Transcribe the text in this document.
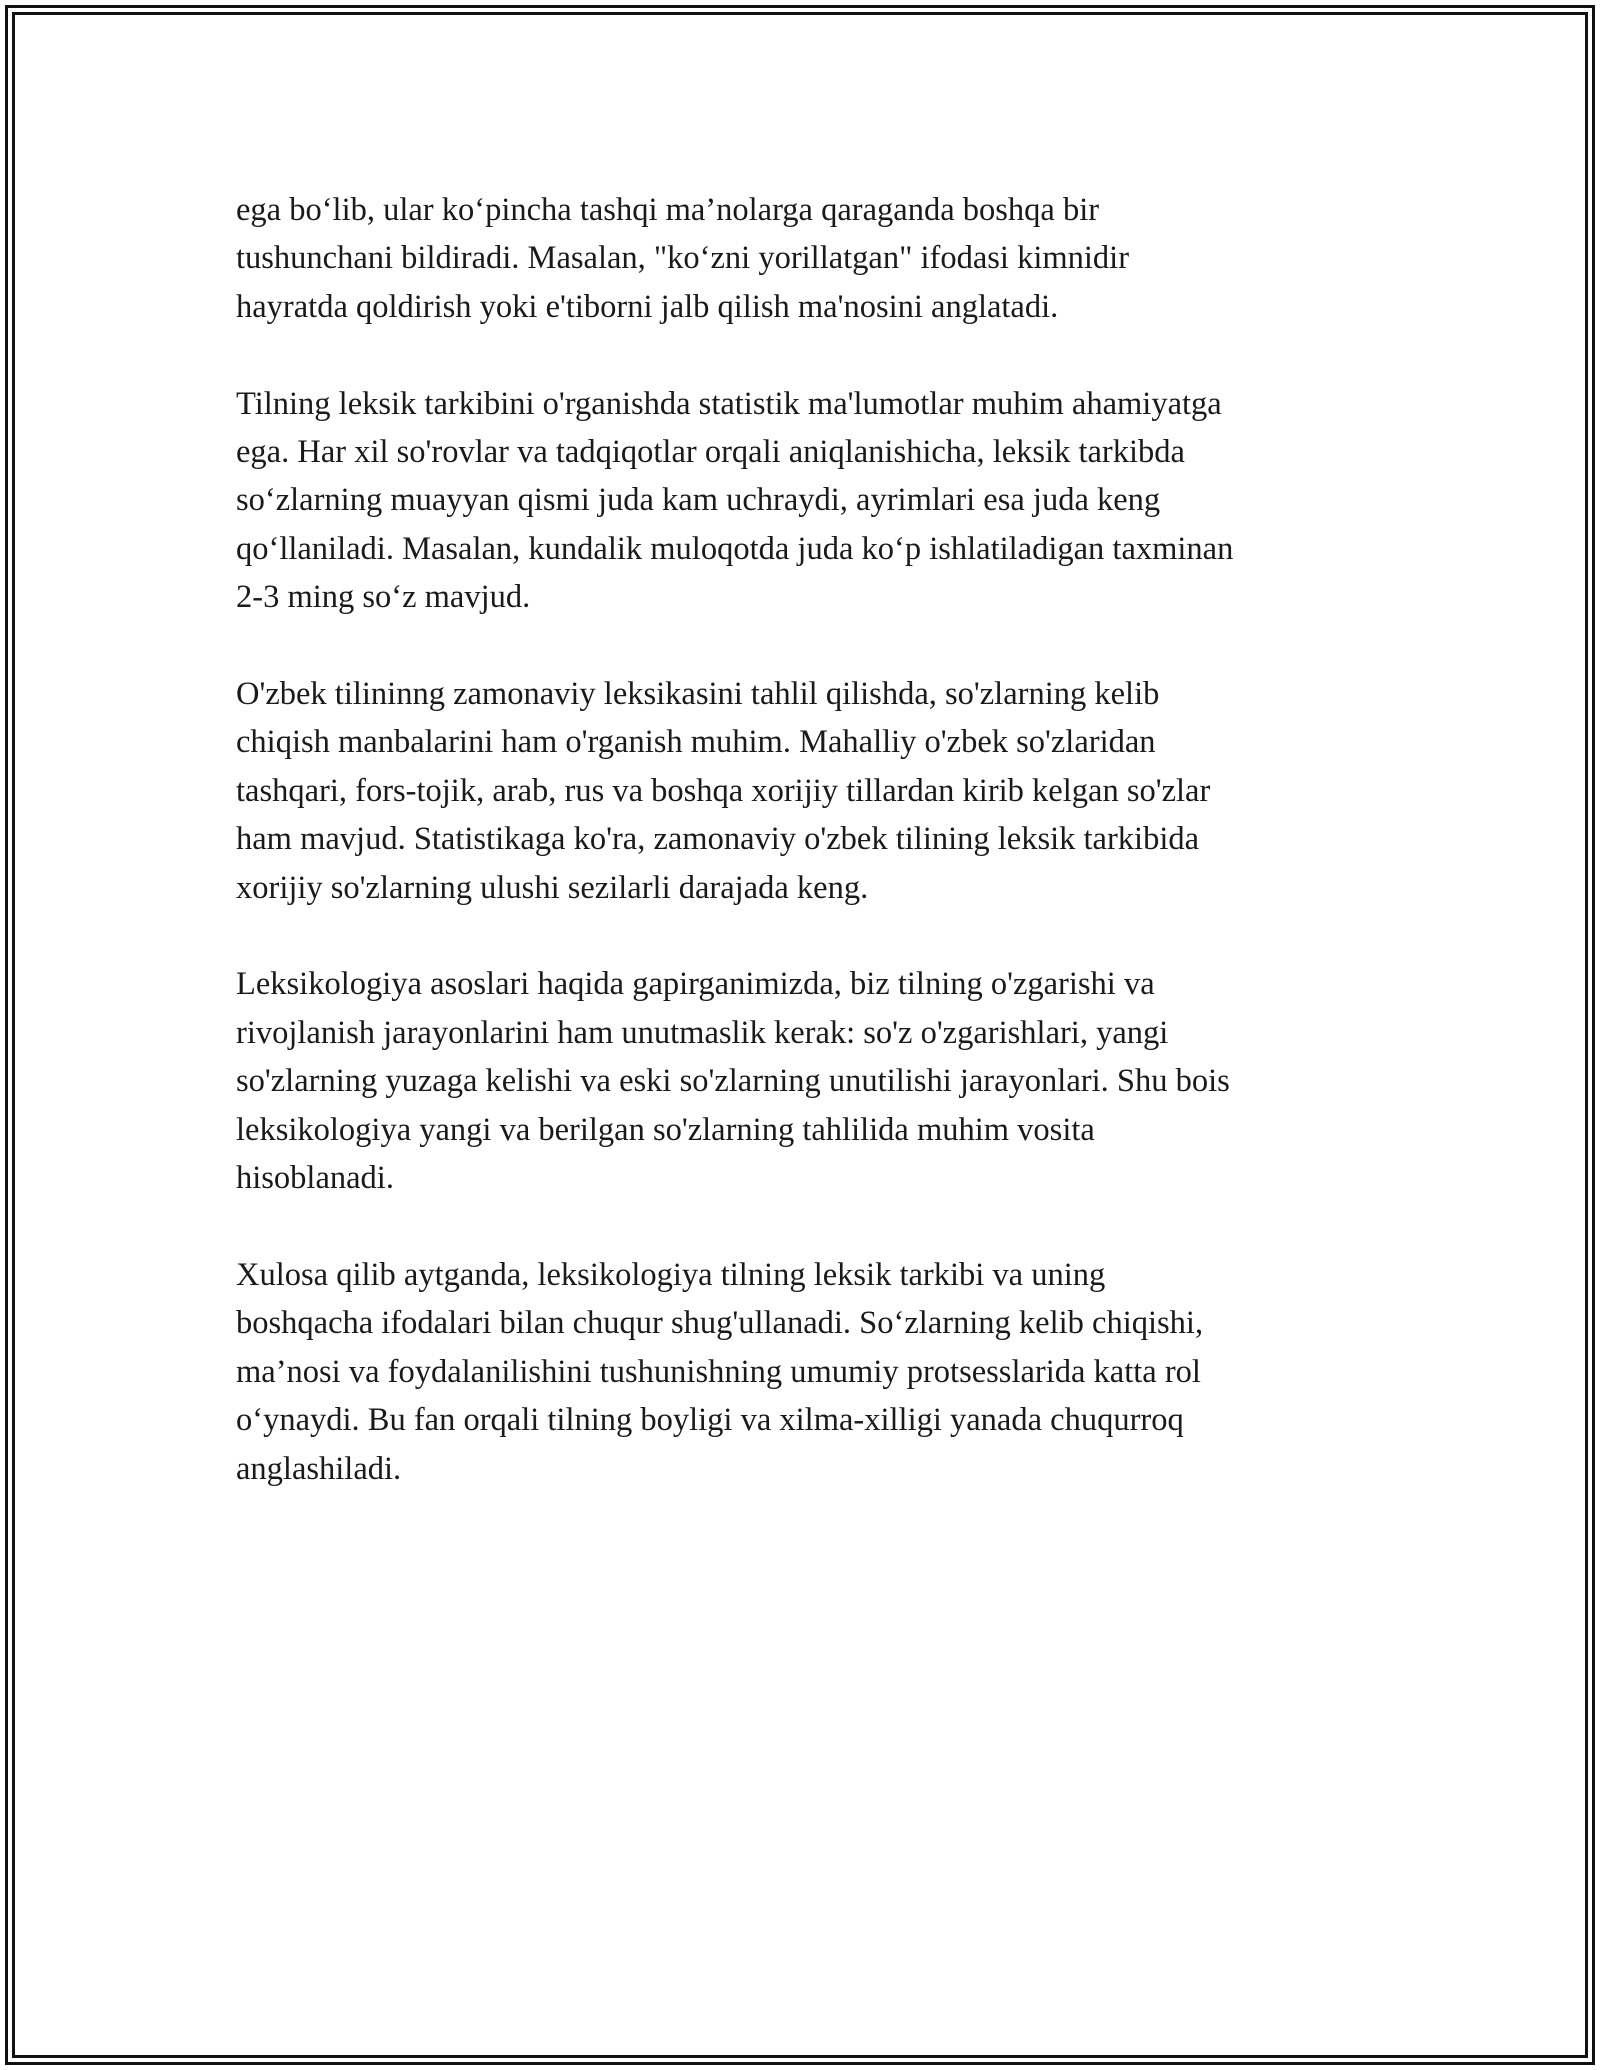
ega bo‘lib, ular ko‘pincha tashqi ma’nolarga qaraganda boshqa bir
tushunchani bildiradi. Masalan, "ko‘zni yorillatgan" ifodasi kimnidir
hayratda qoldirish yoki e'tiborni jalb qilish ma'nosini anglatadi.

Tilning leksik tarkibini o'rganishda statistik ma'lumotlar muhim ahamiyatga
ega. Har xil so'rovlar va tadqiqotlar orqali aniqlanishicha, leksik tarkibda
so‘zlarning muayyan qismi juda kam uchraydi, ayrimlari esa juda keng
qo‘llaniladi. Masalan, kundalik muloqotda juda ko‘p ishlatiladigan taxminan
2-3 ming so‘z mavjud.

O'zbek tilininng zamonaviy leksikasini tahlil qilishda, so'zlarning kelib
chiqish manbalarini ham o'rganish muhim. Mahalliy o'zbek so'zlaridan
tashqari, fors-tojik, arab, rus va boshqa xorijiy tillardan kirib kelgan so'zlar
ham mavjud. Statistikaga ko'ra, zamonaviy o'zbek tilining leksik tarkibida
xorijiy so'zlarning ulushi sezilarli darajada keng.

Leksikologiya asoslari haqida gapirganimizda, biz tilning o'zgarishi va
rivojlanish jarayonlarini ham unutmaslik kerak: so'z o'zgarishlari, yangi
so'zlarning yuzaga kelishi va eski so'zlarning unutilishi jarayonlari. Shu bois
leksikologiya yangi va berilgan so'zlarning tahlilida muhim vosita
hisoblanadi.

Xulosa qilib aytganda, leksikologiya tilning leksik tarkibi va uning
boshqacha ifodalari bilan chuqur shug'ullanadi. So‘zlarning kelib chiqishi,
ma’nosi va foydalanilishini tushunishning umumiy protsesslarida katta rol
o‘ynaydi. Bu fan orqali tilning boyligi va xilma-xilligi yanada chuqurroq
anglashiladi.
